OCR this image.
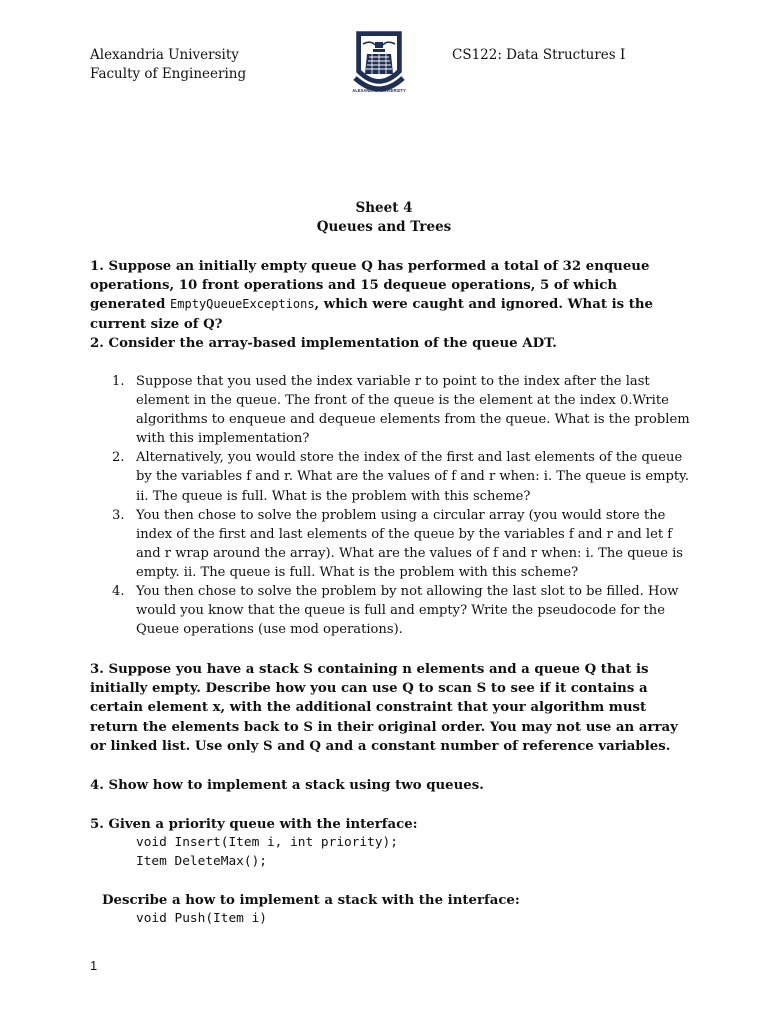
Alexandria University
Faculty of Engineering
ALEXANDRIA UNIVERSITY
CS122: Data Structures I
Sheet 4
Queues and Trees
1. Suppose an initially empty queue Q has performed a total of 32 enqueue operations, 10 front operations and 15 dequeue operations, 5 of which generated EmptyQueueExceptions, which were caught and ignored. What is the current size of Q?
2. Consider the array-based implementation of the queue ADT.
1. Suppose that you used the index variable r to point to the index after the last element in the queue. The front of the queue is the element at the index 0.Write algorithms to enqueue and dequeue elements from the queue. What is the problem with this implementation?
2. Alternatively, you would store the index of the first and last elements of the queue by the variables f and r. What are the values of f and r when: i. The queue is empty. ii. The queue is full. What is the problem with this scheme?
3. You then chose to solve the problem using a circular array (you would store the index of the first and last elements of the queue by the variables f and r and let f and r wrap around the array). What are the values of f and r when: i. The queue is empty. ii. The queue is full. What is the problem with this scheme?
4. You then chose to solve the problem by not allowing the last slot to be filled. How would you know that the queue is full and empty? Write the pseudocode for the Queue operations (use mod operations).
3. Suppose you have a stack S containing n elements and a queue Q that is initially empty. Describe how you can use Q to scan S to see if it contains a certain element x, with the additional constraint that your algorithm must return the elements back to S in their original order. You may not use an array or linked list. Use only S and Q and a constant number of reference variables.
4. Show how to implement a stack using two queues.
5. Given a priority queue with the interface:
void Insert(Item i, int priority);
Item DeleteMax();
Describe a how to implement a stack with the interface:
void Push(Item i)
1
